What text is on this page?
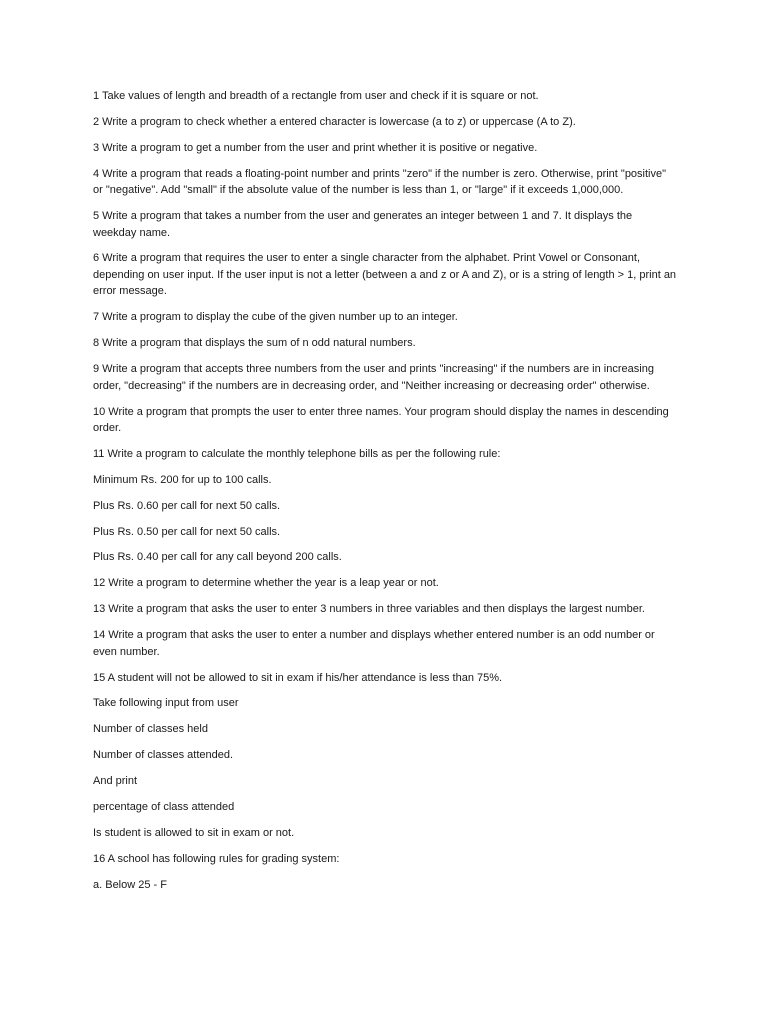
1 Take values of length and breadth of a rectangle from user and check if it is square or not.

2 Write a program to check whether a entered character is lowercase (a to z) or uppercase (A to Z).

3 Write a program to get a number from the user and print whether it is positive or negative.

4 Write a program that reads a floating-point number and prints "zero" if the number is zero. Otherwise, print "positive" or "negative". Add "small" if the absolute value of the number is less than 1, or "large" if it exceeds 1,000,000.

5 Write a program that takes a number from the user and generates an integer between 1 and 7. It displays the weekday name.

6 Write a program that requires the user to enter a single character from the alphabet. Print Vowel or Consonant, depending on user input. If the user input is not a letter (between a and z or A and Z), or is a string of length > 1, print an error message.

7 Write a program to display the cube of the given number up to an integer.

8 Write a program that displays the sum of n odd natural numbers.

9 Write a program that accepts three numbers from the user and prints "increasing" if the numbers are in increasing order, "decreasing" if the numbers are in decreasing order, and "Neither increasing or decreasing order" otherwise.

10 Write a program that prompts the user to enter three names. Your program should display the names in descending order.

11 Write a program to calculate the monthly telephone bills as per the following rule:

Minimum Rs. 200 for up to 100 calls.

Plus Rs. 0.60 per call for next 50 calls.

Plus Rs. 0.50 per call for next 50 calls.

Plus Rs. 0.40 per call for any call beyond 200 calls.

12 Write a program to determine whether the year is a leap year or not.

13 Write a program that asks the user to enter 3 numbers in three variables and then displays the largest number.

14 Write a program that asks the user to enter a number and displays whether entered number is an odd number or even number.

15 A student will not be allowed to sit in exam if his/her attendance is less than 75%.

Take following input from user

Number of classes held

Number of classes attended.

And print

percentage of class attended

Is student is allowed to sit in exam or not.

16 A school has following rules for grading system:

a. Below 25 - F
